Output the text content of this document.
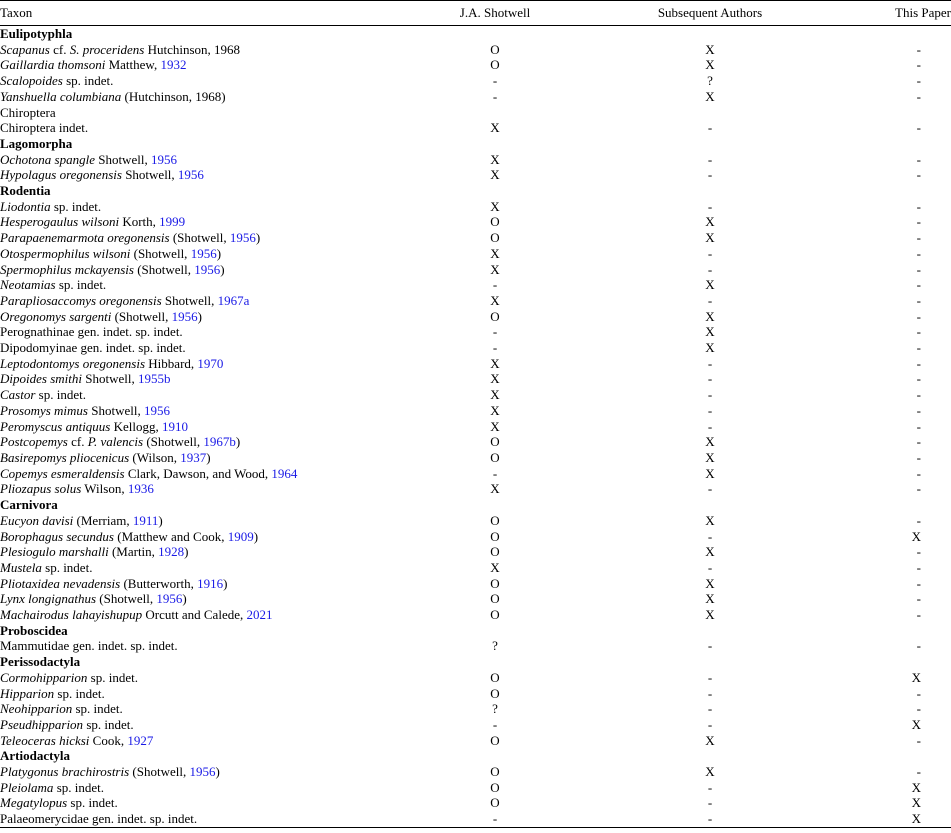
Taxon	J.A. Shotwell	Subsequent Authors	This Paper
Eulipotyphla			
Scapanus cf. S. proceridens Hutchinson, 1968	O	X	-
Gaillardia thomsoni Matthew, 1932	O	X	-
Scalopoides sp. indet.	-	?	-
Yanshuella columbiana (Hutchinson, 1968)	-	X	-
Chiroptera			
Chiroptera indet.	X	-	-
Lagomorpha			
Ochotona spangle Shotwell, 1956	X	-	-
Hypolagus oregonensis Shotwell, 1956	X	-	-
Rodentia			
Liodontia sp. indet.	X	-	-
Hesperogaulus wilsoni Korth, 1999	O	X	-
Parapaenemarmota oregonensis (Shotwell, 1956)	O	X	-
Otospermophilus wilsoni (Shotwell, 1956)	X	-	-
Spermophilus mckayensis (Shotwell, 1956)	X	-	-
Neotamias sp. indet.	-	X	-
Parapliosaccomys oregonensis Shotwell, 1967a	X	-	-
Oregonomys sargenti (Shotwell, 1956)	O	X	-
Perognathinae gen. indet. sp. indet.	-	X	-
Dipodomyinae gen. indet. sp. indet.	-	X	-
Leptodontomys oregonensis Hibbard, 1970	X	-	-
Dipoides smithi Shotwell, 1955b	X	-	-
Castor sp. indet.	X	-	-
Prosomys mimus Shotwell, 1956	X	-	-
Peromyscus antiquus Kellogg, 1910	X	-	-
Postcopemys cf. P. valencis (Shotwell, 1967b)	O	X	-
Basirepomys pliocenicus (Wilson, 1937)	O	X	-
Copemys esmeraldensis Clark, Dawson, and Wood, 1964	-	X	-
Pliozapus solus Wilson, 1936	X	-	-
Carnivora			
Eucyon davisi (Merriam, 1911)	O	X	-
Borophagus secundus (Matthew and Cook, 1909)	O	-	X
Plesiogulo marshalli (Martin, 1928)	O	X	-
Mustela sp. indet.	X	-	-
Pliotaxidea nevadensis (Butterworth, 1916)	O	X	-
Lynx longignathus (Shotwell, 1956)	O	X	-
Machairodus lahayishupup Orcutt and Calede, 2021	O	X	-
Proboscidea			
Mammutidae gen. indet. sp. indet.	?	-	-
Perissodactyla			
Cormohipparion sp. indet.	O	-	X
Hipparion sp. indet.	O	-	-
Neohipparion sp. indet.	?	-	-
Pseudhipparion sp. indet.	-	-	X
Teleoceras hicksi Cook, 1927	O	X	-
Artiodactyla			
Platygonus brachirostris (Shotwell, 1956)	O	X	-
Pleiolama sp. indet.	O	-	X
Megatylopus sp. indet.	O	-	X
Palaeomerycidae gen. indet. sp. indet.	-	-	X
